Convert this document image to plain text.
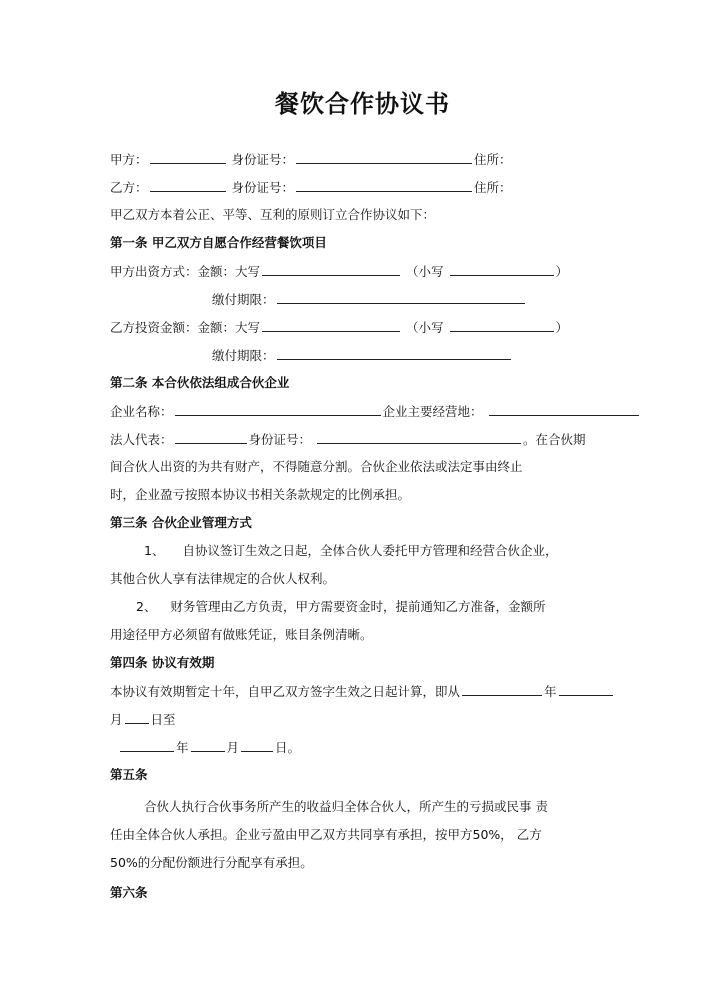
餐饮合作协议书
甲方：	身份证号：	住所：
乙方：	身份证号：	住所：
甲乙双方本着公正、平等、互利的原则订立合作协议如下：
第一条 甲乙双方自愿合作经营餐饮项目
甲方出资方式：金额：大写	（小写	）
缴付期限：
乙方投资金额：金额：大写	（小写	）
缴付期限：
第二条 本合伙依法组成合伙企业
企业名称：	企业主要经营地：
法人代表：	身份证号：	。在合伙期
间合伙人出资的为共有财产，不得随意分割。合伙企业依法或法定事由终止
时，企业盈亏按照本协议书相关条款规定的比例承担。
第三条 合伙企业管理方式
1、 自协议签订生效之日起，全体合伙人委托甲方管理和经营合伙企业，
其他合伙人享有法律规定的合伙人权利。
2、 财务管理由乙方负责，甲方需要资金时，提前通知乙方准备，金额所
用途径甲方必须留有做账凭证，账目条例清晰。
第四条 协议有效期
本协议有效期暂定十年，自甲乙双方签字生效之日起计算，即从	年
月 日至
年	月	日。
第五条
合伙人执行合伙事务所产生的收益归全体合伙人，所产生的亏损或民事 责
任由全体合伙人承担。企业亏盈由甲乙双方共同享有承担，按甲方50%， 乙方
50%的分配份额进行分配享有承担。
第六条
